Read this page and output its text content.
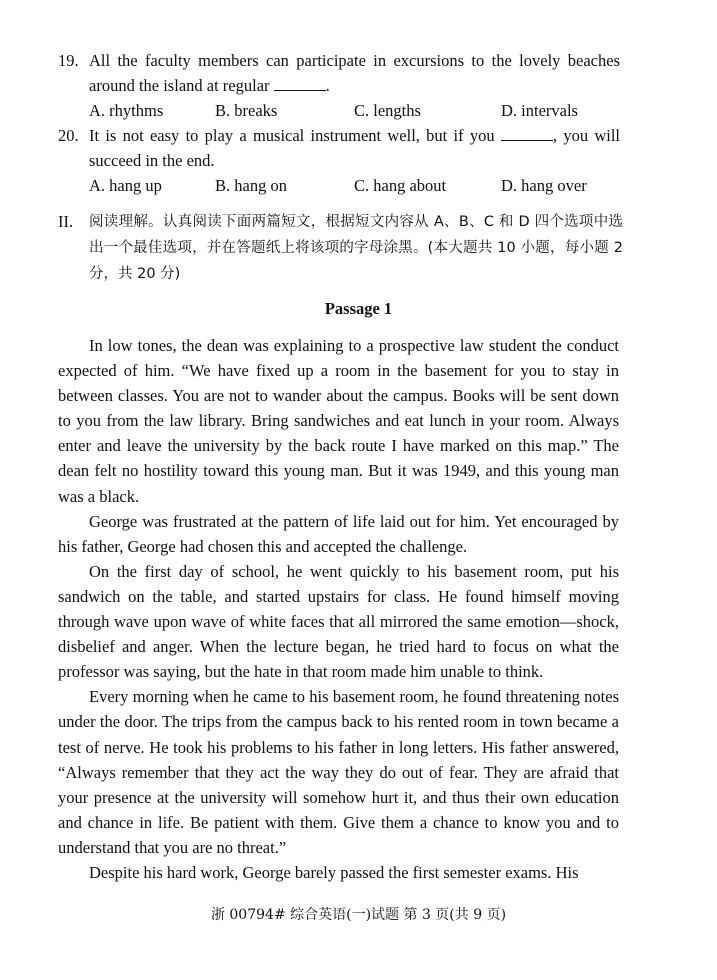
19. All the faculty members can participate in excursions to the lovely beaches around the island at regular	.
A. rhythms	B. breaks	C. lengths	D. intervals
20. It is not easy to play a musical instrument well, but if you	, you will succeed in the end.
A. hang up	B. hang on	C. hang about	D. hang over
II. 阅读理解。认真阅读下面两篇短文，根据短文内容从 A、B、C 和 D 四个选项中选出一个最佳选项，并在答题纸上将该项的字母涂黑。(本大题共 10 小题，每小题 2 分，共 20 分)
Passage 1

In low tones, the dean was explaining to a prospective law student the conduct expected of him. “We have fixed up a room in the basement for you to stay in between classes. You are not to wander about the campus. Books will be sent down to you from the law library. Bring sandwiches and eat lunch in your room. Always enter and leave the university by the back route I have marked on this map.” The dean felt no hostility toward this young man. But it was 1949, and this young man was a black.

George was frustrated at the pattern of life laid out for him. Yet encouraged by his father, George had chosen this and accepted the challenge.

On the first day of school, he went quickly to his basement room, put his sandwich on the table, and started upstairs for class. He found himself moving through wave upon wave of white faces that all mirrored the same emotion—shock, disbelief and anger. When the lecture began, he tried hard to focus on what the professor was saying, but the hate in that room made him unable to think.

Every morning when he came to his basement room, he found threatening notes under the door. The trips from the campus back to his rented room in town became a test of nerve. He took his problems to his father in long letters. His father answered, “Always remember that they act the way they do out of fear. They are afraid that your presence at the university will somehow hurt it, and thus their own education and chance in life. Be patient with them. Give them a chance to know you and to understand that you are no threat.”

Despite his hard work, George barely passed the first semester exams. His

浙 00794# 综合英语(一)试题 第 3 页(共 9 页)
